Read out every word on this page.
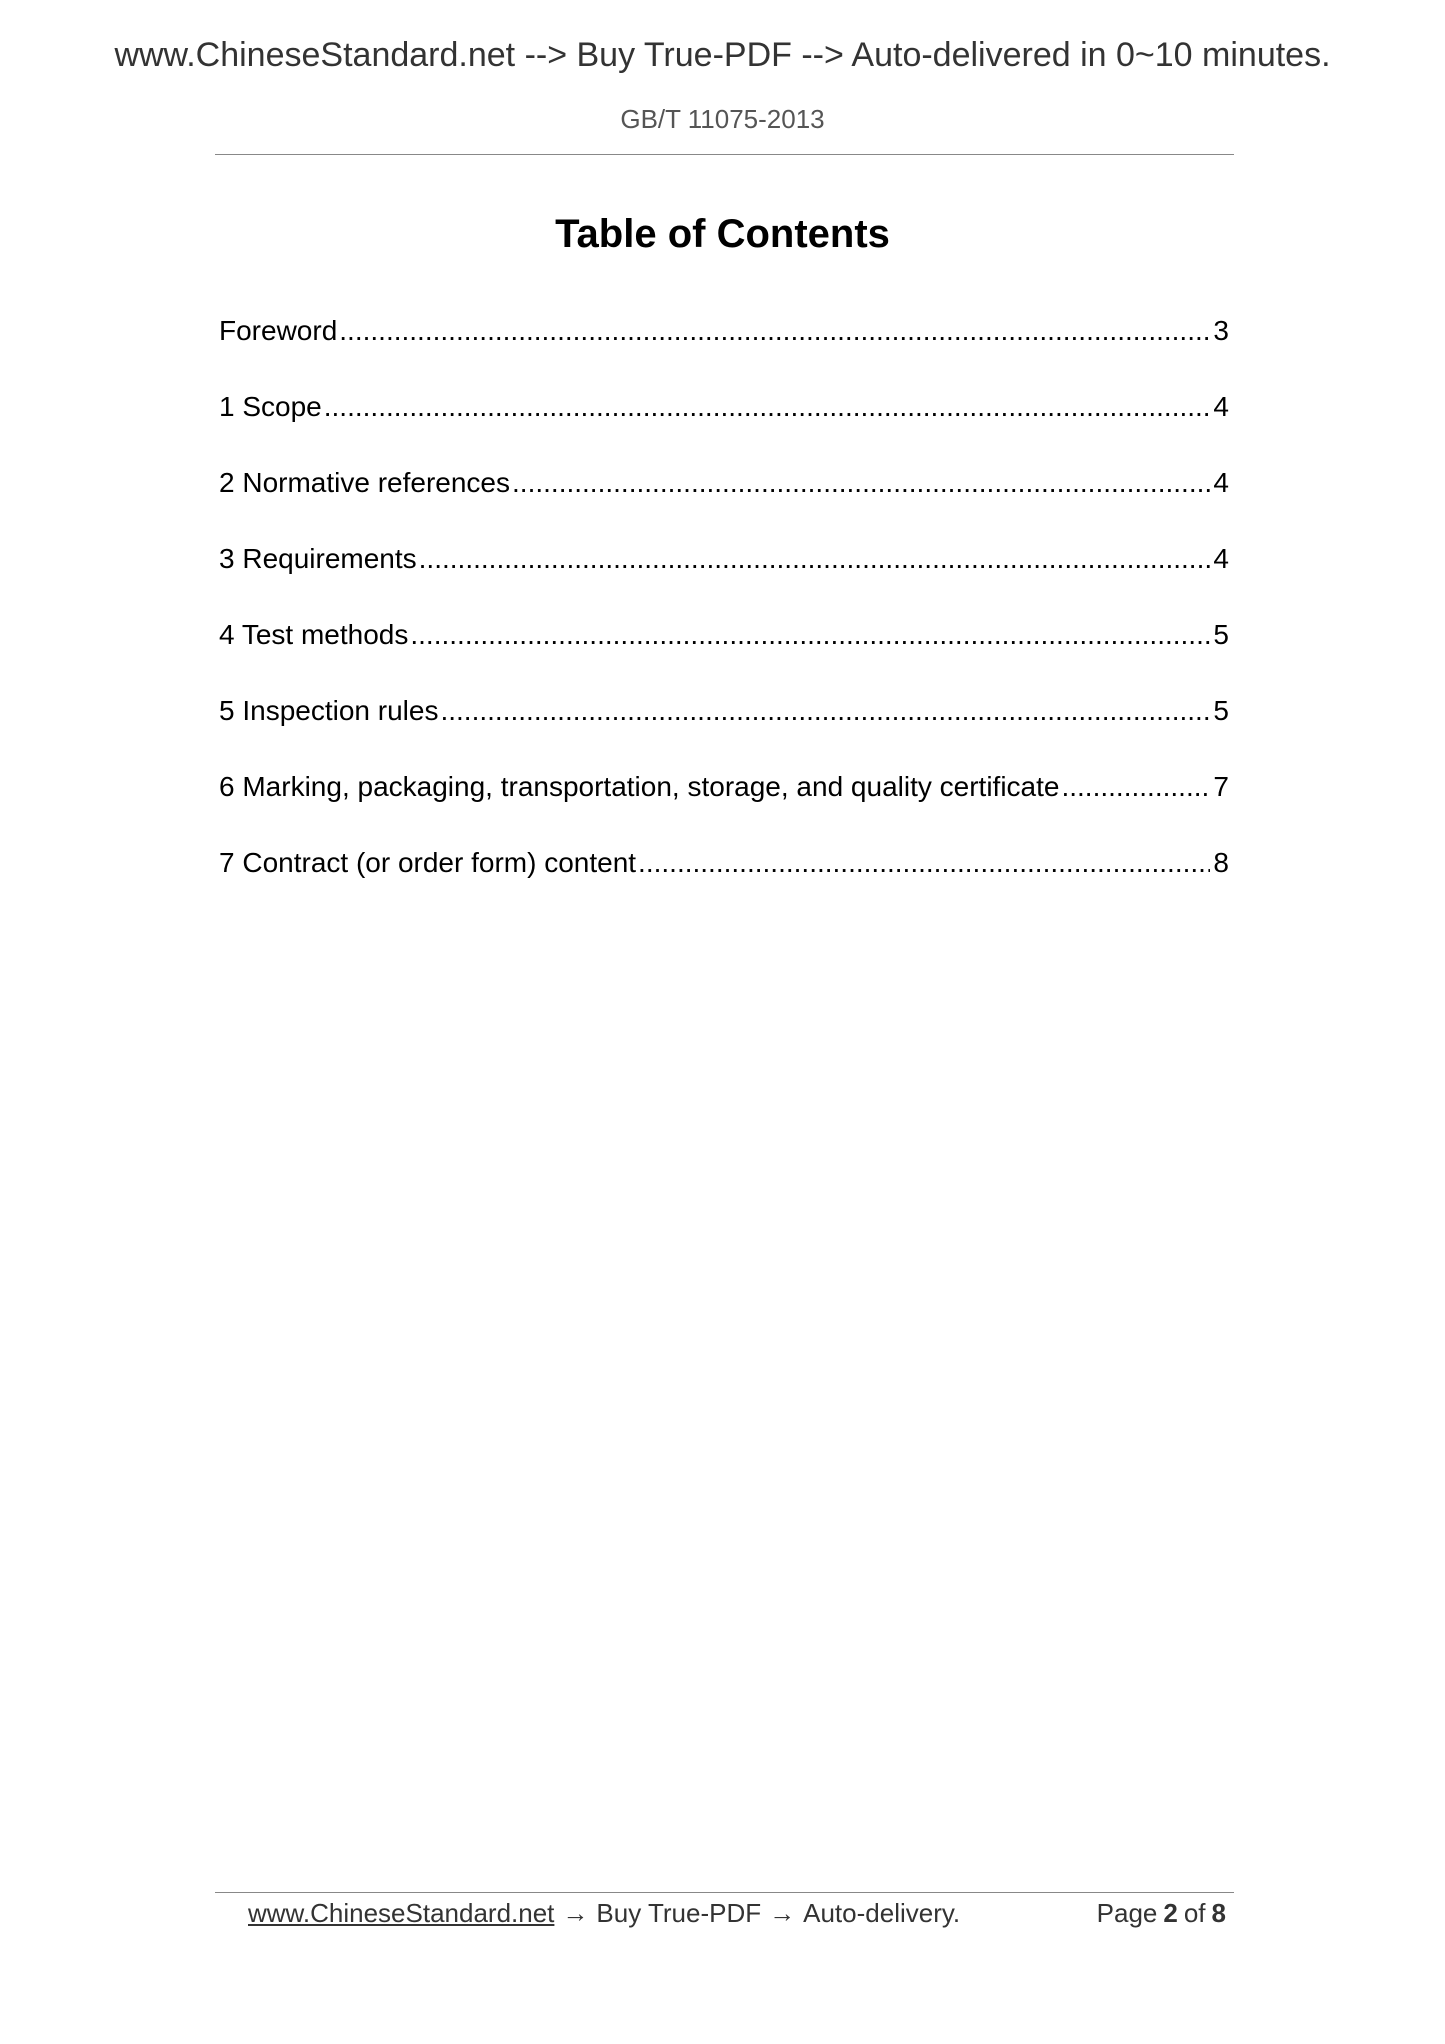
www.ChineseStandard.net --> Buy True-PDF --> Auto-delivered in 0~10 minutes.
GB/T 11075-2013
Table of Contents
Foreword .....	3
1 Scope .....	4
2 Normative references .....	4
3 Requirements .....	4
4 Test methods .....	5
5 Inspection rules .....	5
6 Marking, packaging, transportation, storage, and quality certificate .....	7
7 Contract (or order form) content .....	8
www.ChineseStandard.net → Buy True-PDF → Auto-delivery.	Page 2 of 8
